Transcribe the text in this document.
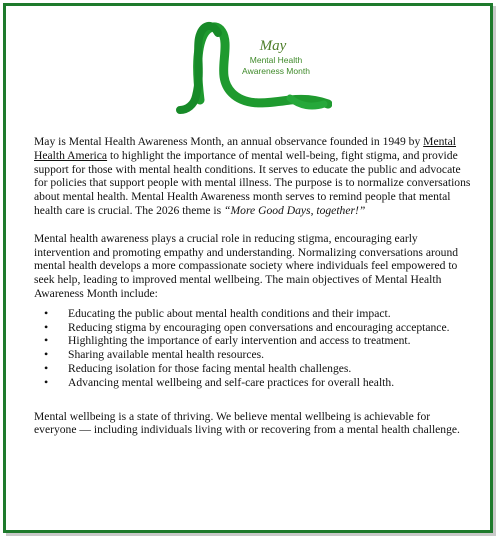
May
Mental Health
Awareness Month

May is Mental Health Awareness Month, an annual observance founded in 1949 by Mental Health America to highlight the importance of mental well-being, fight stigma, and provide support for those with mental health conditions. It serves to educate the public and advocate for policies that support people with mental illness. The purpose is to normalize conversations about mental health. Mental Health Awareness month serves to remind people that mental health care is crucial. The 2026 theme is “More Good Days, together!”

Mental health awareness plays a crucial role in reducing stigma, encouraging early intervention and promoting empathy and understanding. Normalizing conversations around mental health develops a more compassionate society where individuals feel empowered to seek help, leading to improved mental wellbeing. The main objectives of Mental Health Awareness Month include:

• Educating the public about mental health conditions and their impact.
• Reducing stigma by encouraging open conversations and encouraging acceptance.
• Highlighting the importance of early intervention and access to treatment.
• Sharing available mental health resources.
• Reducing isolation for those facing mental health challenges.
• Advancing mental wellbeing and self-care practices for overall health.

Mental wellbeing is a state of thriving. We believe mental wellbeing is achievable for everyone — including individuals living with or recovering from a mental health challenge.
